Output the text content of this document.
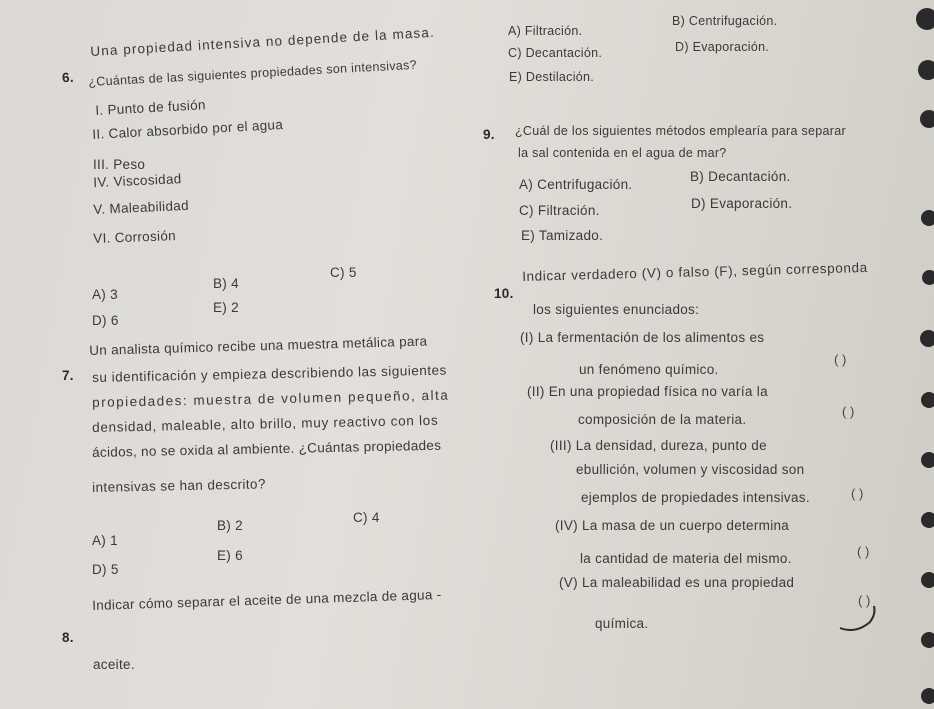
6.
Una propiedad intensiva no depende de la masa.
¿Cuántas de las siguientes propiedades son intensivas?
I. Punto de fusión
II. Calor absorbido por el agua
III. Peso
IV. Viscosidad
V. Maleabilidad
VI. Corrosión
B) 4
C) 5
A) 3
E) 2
D) 6
A) Filtración.
B) Centrifugación.
C) Decantación.	D) Evaporación.
E) Destilación.
9. ¿Cuál de los siguientes métodos emplearía para separar
la sal contenida en el agua de mar?
A) Centrifugación.
B) Decantación.
C) Filtración.	D) Evaporación.
E) Tamizado.
10.
Indicar verdadero (V) o falso (F), según corresponda
los siguientes enunciados:
(I) La fermentación de los alimentos es
un fenómeno químico.
( )
(II) En una propiedad física no varía la
composición de la materia.
( )
(III) La densidad, dureza, punto de
ebullición, volumen y viscosidad son
ejemplos de propiedades intensivas.	( )
(IV) La masa de un cuerpo determina
la cantidad de materia del mismo.	( )
(V) La maleabilidad es una propiedad
química.
( )
7.
Un analista químico recibe una muestra metálica para
su identificación y empieza describiendo las siguientes
propiedades: muestra de volumen pequeño, alta
densidad, maleable, alto brillo, muy reactivo con los
ácidos, no se oxida al ambiente. ¿Cuántas propiedades
intensivas se han descrito?
B) 2
C) 4
A) 1
E) 6
D) 5
8.
Indicar cómo separar el aceite de una mezcla de agua -
aceite.
